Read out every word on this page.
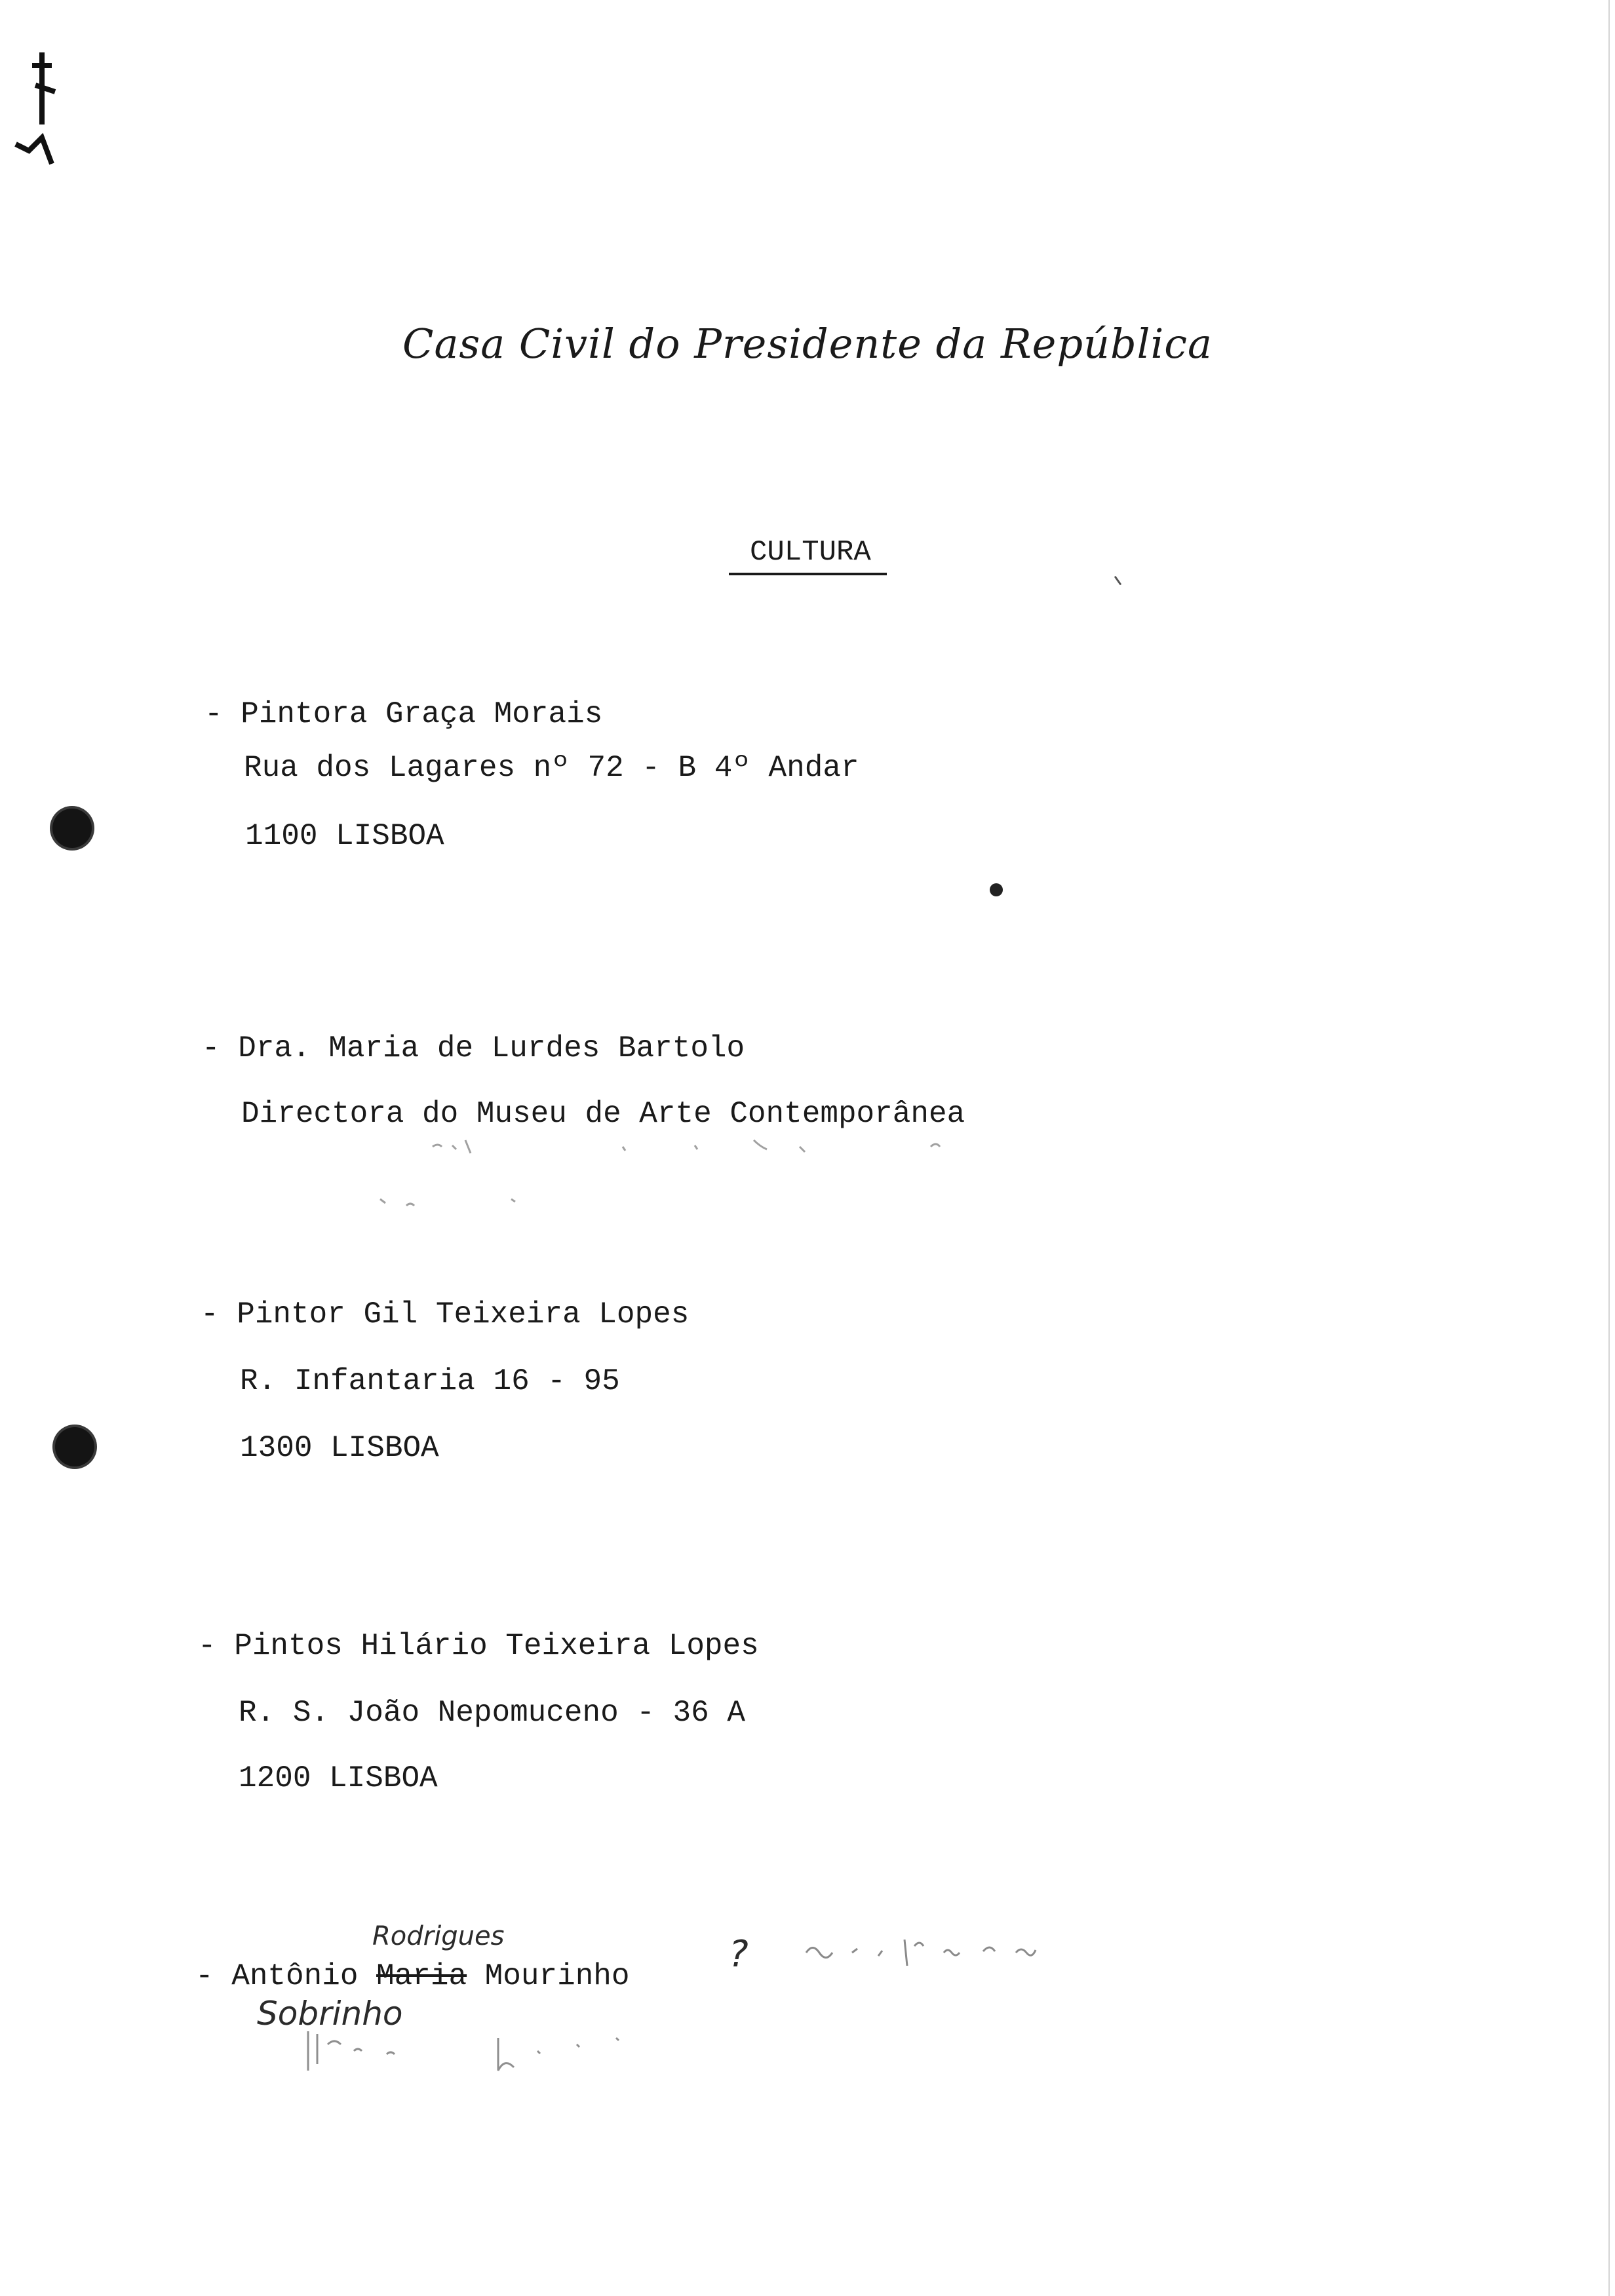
Casa Civil do Presidente da República
CULTURA
- Pintora Graça Morais
Rua dos Lagares nº 72 - B 4º Andar
1100 LISBOA
- Dra. Maria de Lurdes Bartolo
Directora do Museu de Arte Contemporânea
- Pintor Gil Teixeira Lopes
R. Infantaria 16 - 95
1300 LISBOA
- Pintos Hilário Teixeira Lopes
R. S. João Nepomuceno - 36 A
1200 LISBOA
- Antônio Maria Mourinho
Rodrigues
Sobrinho
?
